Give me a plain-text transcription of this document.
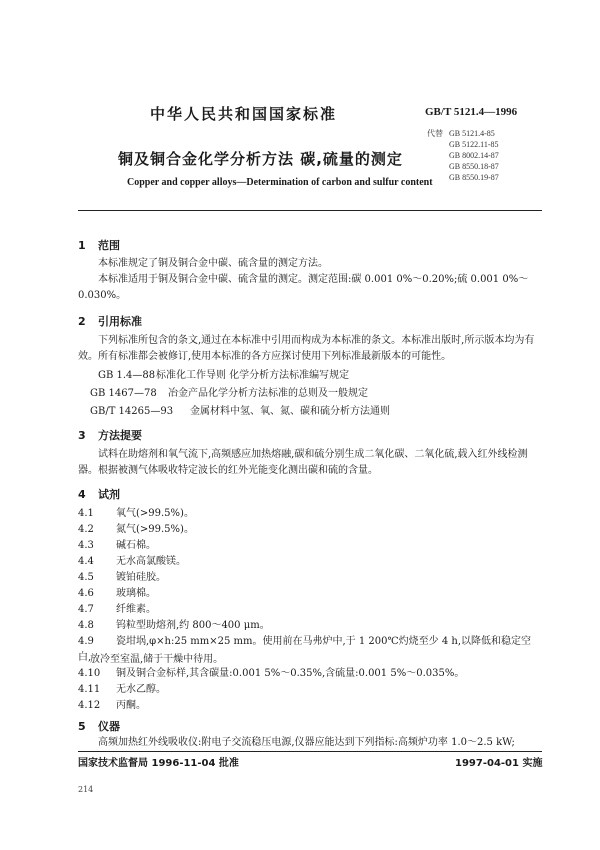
中华人民共和国国家标准	GB/T 5121.4—1996
代替 GB 5121.4-85
GB 5122.11-85
GB 8002.14-87
GB 8550.18-87
GB 8550.19-87
铜及铜合金化学分析方法 碳,硫量的测定
Copper and copper alloys—Determination of carbon and sulfur content
1 范围

本标准规定了铜及铜合金中碳、硫含量的测定方法。

本标准适用于铜及铜合金中碳、硫含量的测定。测定范围:碳 0.001 0%～0.20%;硫 0.001 0%～0.030%。

2 引用标准

下列标准所包含的条文,通过在本标准中引用而构成为本标准的条文。本标准出版时,所示版本均为有效。所有标准都会被修订,使用本标准的各方应探讨使用下列标准最新版本的可能性。

GB 1.4—88标准化工作导则 化学分析方法标准编写规定
GB 1467—78 冶金产品化学分析方法标准的总则及一般规定
GB/T 14265—93 金属材料中氢、氧、氮、碳和硫分析方法通则
3 方法提要

试料在助熔剂和氧气流下,高频感应加热熔融,碳和硫分别生成二氧化碳、二氧化硫,载入红外线检测器。根据被测气体吸收特定波长的红外光能变化测出碳和硫的含量。

4 试剂
4.1 氧气(>99.5%)。
4.2 氮气(>99.5%)。
4.3 碱石棉。
4.4 无水高氯酸镁。
4.5 镀铂硅胶。
4.6 玻璃棉。
4.7 纤维素。
4.8 钨粒型助熔剂,约 800～400 μm。
4.9 瓷坩埚,φ×h:25 mm×25 mm。使用前在马弗炉中,于 1 200℃灼烧至少 4 h,以降低和稳定空白,
放冷至室温,储于干燥中待用。
4.10 铜及铜合金标样,其含碳量:0.001 5%～0.35%,含硫量:0.001 5%～0.035%。
4.11 无水乙醇。
4.12 丙酮。
5 仪器

高频加热红外线吸收仪:附电子交流稳压电源,仪器应能达到下列指标:高频炉功率 1.0～2.5 kW;

国家技术监督局 1996-11-04 批准	1997-04-01 实施
214
